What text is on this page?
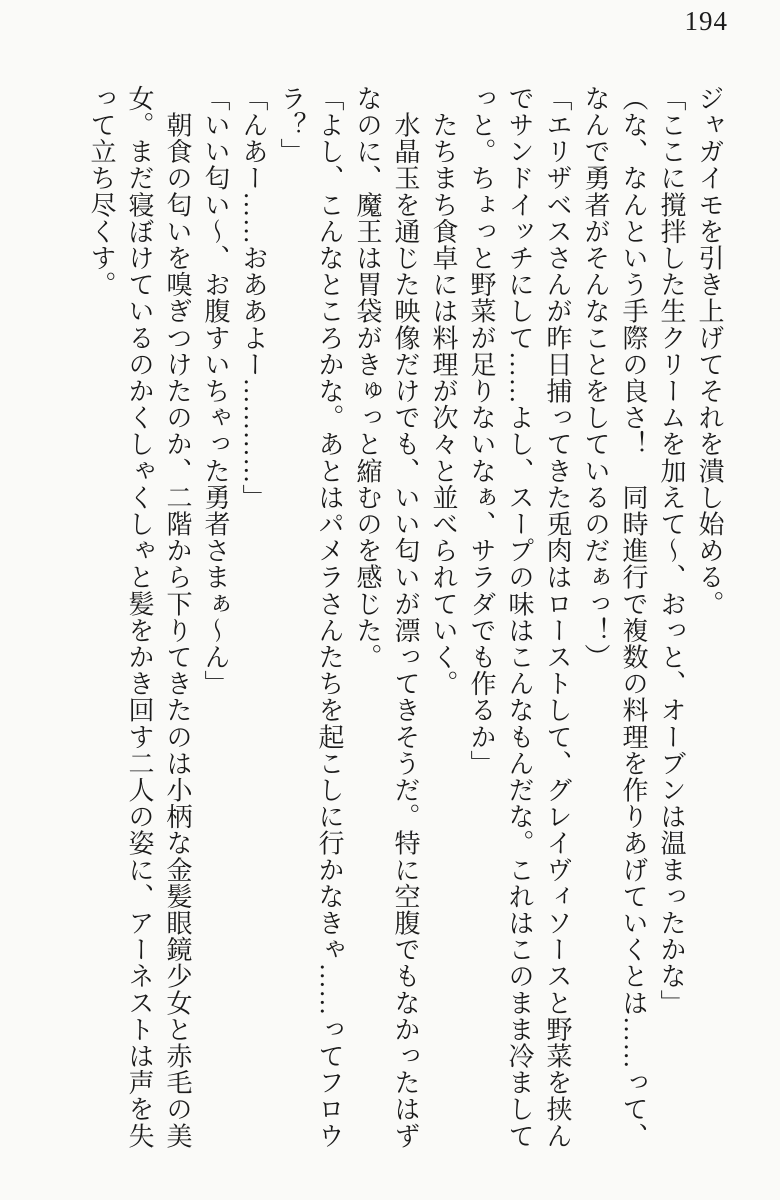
194
ジャガイモを引き上げてそれを潰し始める。
「ここに撹拌した生クリームを加えて～、おっと、オーブンは温まったかな」
（な、なんという手際の良さ！　同時進行で複数の料理を作りあげていくとは……って、
なんで勇者がそんなことをしているのだぁっ！）
「エリザベスさんが昨日捕ってきた兎肉はローストして、グレイヴィソースと野菜を挟ん
でサンドイッチにして……よし、スープの味はこんなもんだな。これはこのまま冷まして
っと。ちょっと野菜が足りないなぁ、サラダでも作るか」
　たちまち食卓には料理が次々と並べられていく。
　水晶玉を通じた映像だけでも、いい匂いが漂ってきそうだ。特に空腹でもなかったはず
なのに、魔王は胃袋がきゅっと縮むのを感じた。
「よし、こんなところかな。あとはパメラさんたちを起こしに行かなきゃ……ってフロウ
ラ？」
「んあー……おああよー…………」
「いい匂い～、お腹すいちゃった勇者さまぁ～ん」
　朝食の匂いを嗅ぎつけたのか、二階から下りてきたのは小柄な金髪眼鏡少女と赤毛の美
女。まだ寝ぼけているのかくしゃくしゃと髪をかき回す二人の姿に、アーネストは声を失
って立ち尽くす。
